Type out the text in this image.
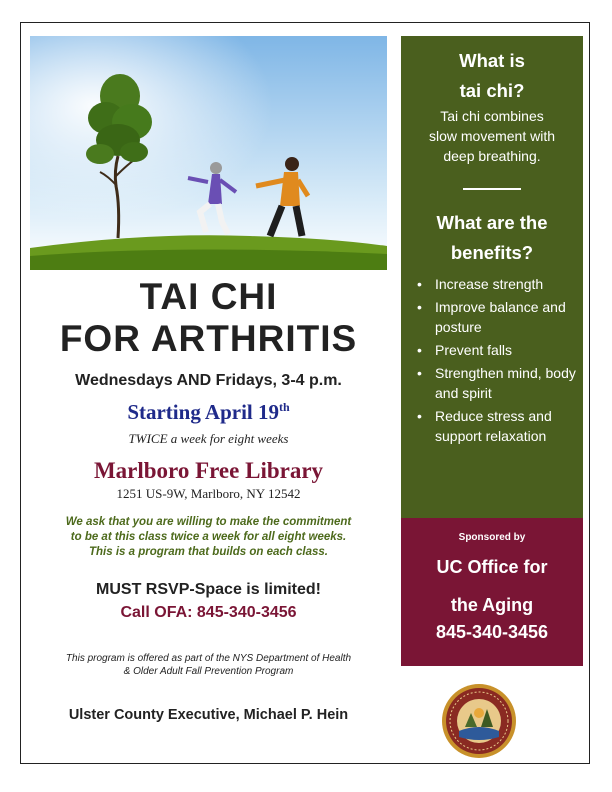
TAI CHI
FOR ARTHRITIS
Wednesdays AND Fridays, 3-4 p.m.
Starting April 19th
TWICE a week for eight weeks
Marlboro Free Library
1251 US-9W, Marlboro, NY 12542
We ask that you are willing to make the commitment
to be at this class twice a week for all eight weeks.
This is a program that builds on each class.
MUST RSVP-Space is limited!
Call OFA: 845-340-3456
This program is offered as part of the NYS Department of Health
& Older Adult Fall Prevention Program
Ulster County Executive, Michael P. Hein
What is
tai chi?
Tai chi combines
slow movement with
deep breathing.
What are the
benefits?
• Increase strength
• Improve balance and posture
• Prevent falls
• Strengthen mind, body and spirit
• Reduce stress and support relaxation
Sponsored by
UC Office for
the Aging
845-340-3456
